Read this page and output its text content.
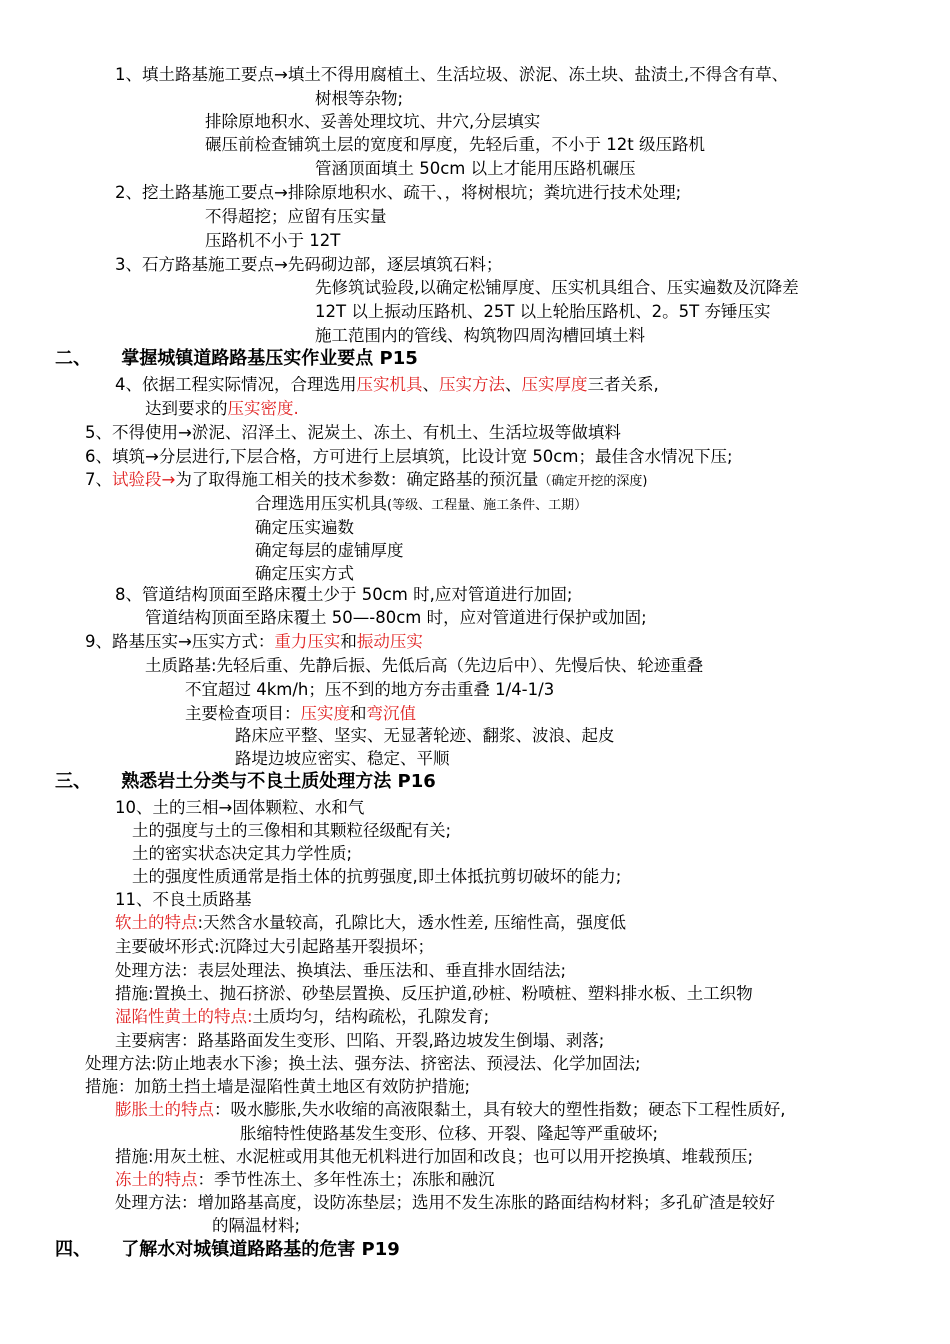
1、填土路基施工要点→填土不得用腐植土、生活垃圾、淤泥、冻土块、盐渍土,不得含有草、
树根等杂物;
排除原地积水、妥善处理坟坑、井穴,分层填实
碾压前检查铺筑土层的宽度和厚度，先轻后重，不小于 12t 级压路机
管涵顶面填土 50cm 以上才能用压路机碾压
2、挖土路基施工要点→排除原地积水、疏干、，将树根坑；粪坑进行技术处理;
不得超挖；应留有压实量
压路机不小于 12T
3、石方路基施工要点→先码砌边部，逐层填筑石料；
先修筑试验段,以确定松铺厚度、压实机具组合、压实遍数及沉降差
12T 以上振动压路机、25T 以上轮胎压路机、2。5T 夯锤压实
施工范围内的管线、构筑物四周沟槽回填土料
二、 掌握城镇道路路基压实作业要点 P15
4、依据工程实际情况，合理选用压实机具、压实方法、压实厚度三者关系,
达到要求的压实密度.
5、不得使用→淤泥、沼泽土、泥炭土、冻土、有机土、生活垃圾等做填料
6、填筑→分层进行,下层合格，方可进行上层填筑，比设计宽 50cm；最佳含水情况下压;
7、试验段→为了取得施工相关的技术参数：确定路基的预沉量（确定开挖的深度)
合理选用压实机具(等级、工程量、施工条件、工期）
确定压实遍数
确定每层的虚铺厚度
确定压实方式
8、管道结构顶面至路床覆土少于 50cm 时,应对管道进行加固;
管道结构顶面至路床覆土 50—-80cm 时，应对管道进行保护或加固;
9、路基压实→压实方式：重力压实和振动压实
土质路基:先轻后重、先静后振、先低后高（先边后中）、先慢后快、轮迹重叠
不宜超过 4km/h；压不到的地方夯击重叠 1/4-1/3
主要检查项目：压实度和弯沉值
路床应平整、坚实、无显著轮迹、翻浆、波浪、起皮
路堤边坡应密实、稳定、平顺
三、 熟悉岩土分类与不良土质处理方法 P16
10、土的三相→固体颗粒、水和气
土的强度与土的三像相和其颗粒径级配有关;
土的密实状态决定其力学性质;
土的强度性质通常是指土体的抗剪强度,即土体抵抗剪切破坏的能力;
11、不良土质路基
软土的特点:天然含水量较高，孔隙比大，透水性差, 压缩性高，强度低
主要破坏形式:沉降过大引起路基开裂损坏；
处理方法：表层处理法、换填法、垂压法和、垂直排水固结法;
措施:置换土、抛石挤淤、砂垫层置换、反压护道,砂桩、粉喷桩、塑料排水板、土工织物
湿陷性黄土的特点:土质均匀，结构疏松，孔隙发育;
主要病害：路基路面发生变形、凹陷、开裂,路边坡发生倒塌、剥落;
处理方法:防止地表水下渗；换土法、强夯法、挤密法、预浸法、化学加固法;
措施：加筋土挡土墙是湿陷性黄土地区有效防护措施;
膨胀土的特点：吸水膨胀,失水收缩的高液限黏土，具有较大的塑性指数；硬态下工程性质好,
胀缩特性使路基发生变形、位移、开裂、隆起等严重破坏;
措施:用灰土桩、水泥桩或用其他无机料进行加固和改良；也可以用开挖换填、堆载预压;
冻土的特点：季节性冻土、多年性冻土；冻胀和融沉
处理方法：增加路基高度，设防冻垫层；选用不发生冻胀的路面结构材料；多孔矿渣是较好
的隔温材料;
四、 了解水对城镇道路路基的危害 P19
